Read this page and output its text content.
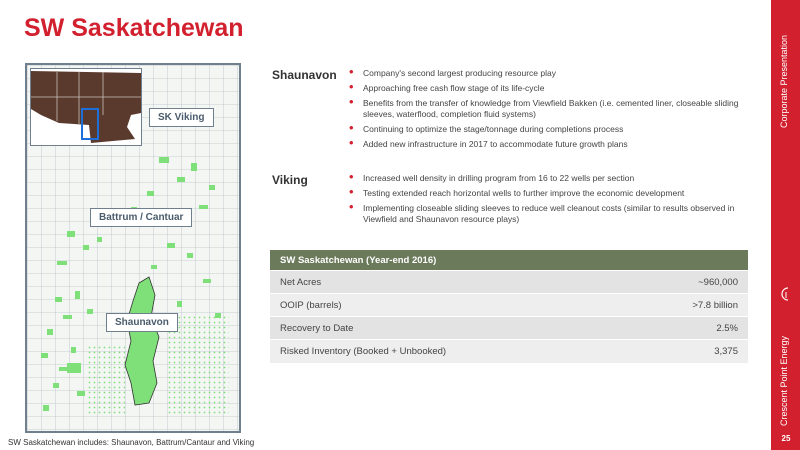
SW Saskatchewan
SK Viking
Battrum / Cantuar
Shaunavon
SW Saskatchewan includes: Shaunavon, Battrum/Cantaur and Viking
Shaunavon	• Company's second largest producing resource play
• Approaching free cash flow stage of its life-cycle
• Benefits from the transfer of knowledge from Viewfield Bakken (i.e. cemented liner, closeable sliding sleeves, waterflood, completion fluid systems)
• Continuing to optimize the stage/tonnage during completions process
• Added new infrastructure in 2017 to accommodate future growth plans
Viking	• Increased well density in drilling program from 16 to 22 wells per section
• Testing extended reach horizontal wells to further improve the economic development
• Implementing closeable sliding sleeves to reduce well cleanout costs (similar to results observed in Viewfield and Shaunavon resource plays)
SW Saskatchewan (Year-end 2016)	
Net Acres	~960,000
OOIP (barrels)	>7.8 billion
Recovery to Date	2.5%
Risked Inventory (Booked + Unbooked)	3,375
Corporate Presentation
Crescent Point Energy
25
